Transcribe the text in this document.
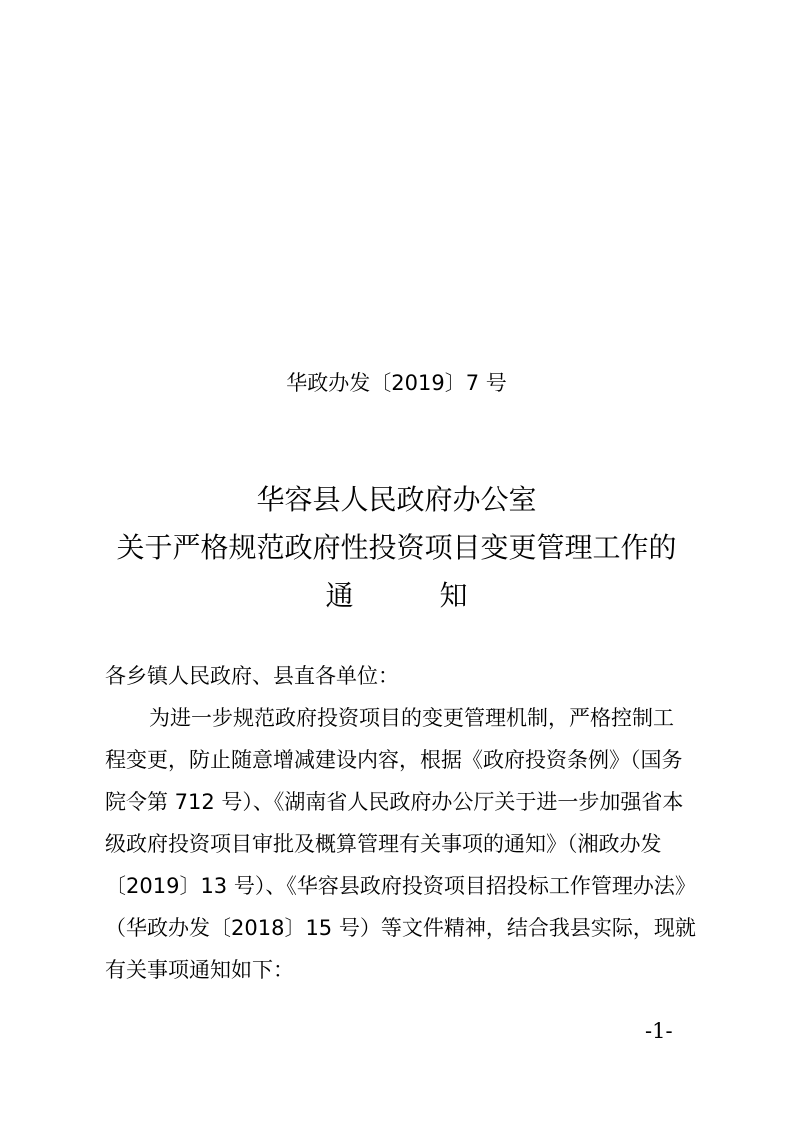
华政办发〔2019〕7 号
华容县人民政府办公室
关于严格规范政府性投资项目变更管理工作的
通	知
各乡镇人民政府、县直各单位：
为进一步规范政府投资项目的变更管理机制，严格控制工
程变更，防止随意增减建设内容，根据《政府投资条例》（国务
院令第 712 号）、《湖南省人民政府办公厅关于进一步加强省本
级政府投资项目审批及概算管理有关事项的通知》（湘政办发
〔2019〕13 号）、《华容县政府投资项目招投标工作管理办法》
（华政办发〔2018〕15 号）等文件精神，结合我县实际，现就
有关事项通知如下：
-1-
